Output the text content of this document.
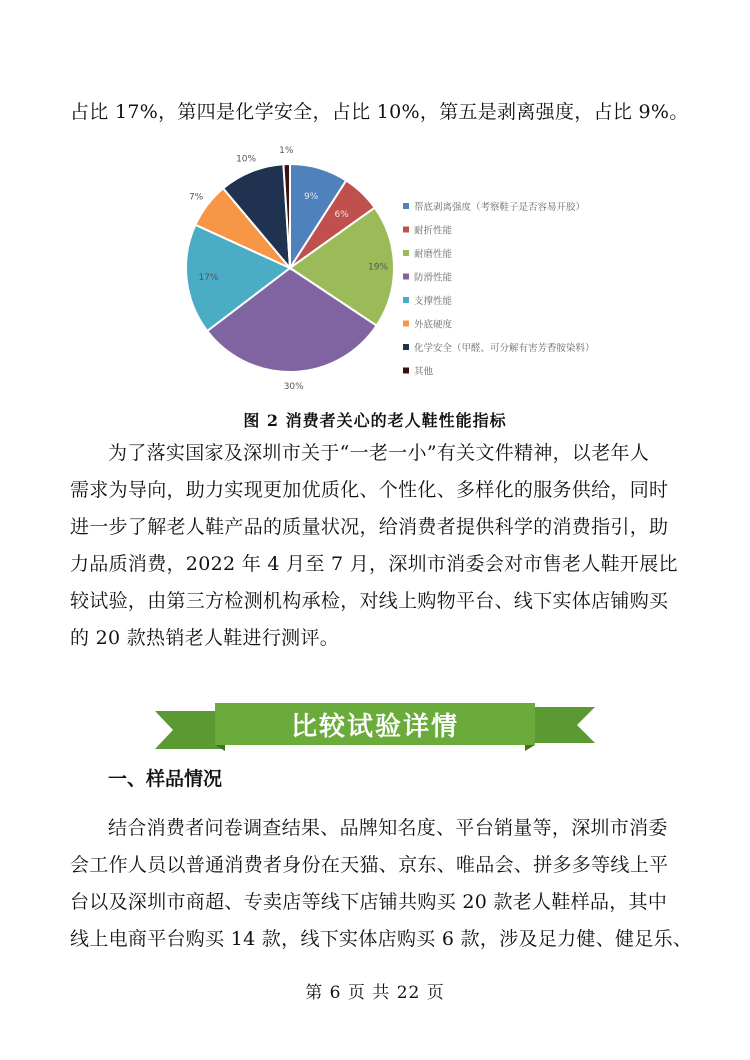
占比 17%，第四是化学安全，占比 10%，第五是剥离强度，占比 9%。

9%
6%
19%
30%
17%
7%
10%
1%
帮底剥离强度（考察鞋子是否容易开胶）
耐折性能
耐磨性能
防滑性能
支撑性能
外底硬度
化学安全（甲醛、可分解有害芳香胺染料）
其他
图 2 消费者关心的老人鞋性能指标

为了落实国家及深圳市关于“一老一小”有关文件精神，以老年人

需求为导向，助力实现更加优质化、个性化、多样化的服务供给，同时

进一步了解老人鞋产品的质量状况，给消费者提供科学的消费指引，助

力品质消费，2022 年 4 月至 7 月，深圳市消委会对市售老人鞋开展比

较试验，由第三方检测机构承检，对线上购物平台、线下实体店铺购买

的 20 款热销老人鞋进行测评。

比较试验详情
一、样品情况

结合消费者问卷调查结果、品牌知名度、平台销量等，深圳市消委

会工作人员以普通消费者身份在天猫、京东、唯品会、拼多多等线上平

台以及深圳市商超、专卖店等线下店铺共购买 20 款老人鞋样品，其中

线上电商平台购买 14 款，线下实体店购买 6 款，涉及足力健、健足乐、

第 6 页 共 22 页
